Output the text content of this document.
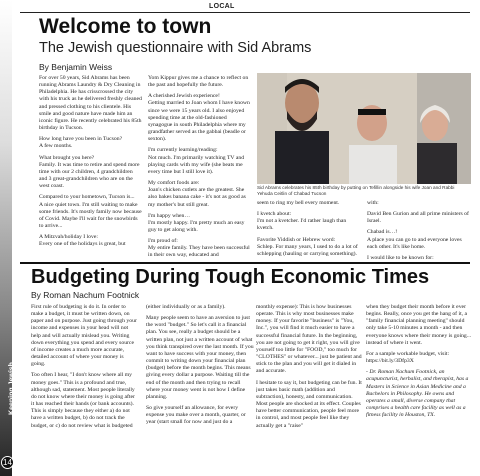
Keeping Jewish
14
LOCAL
Welcome to town
The Jewish questionnaire with Sid Abrams
By Benjamin Weiss

For over 50 years, Sid Abrams has been running Abrams Laundry & Dry Cleaning in Philadelphia. He has crisscrossed the city with his truck as he delivered freshly cleaned and pressed clothing to his clientele. His smile and good nature have made him an iconic figure. He recently celebrated his 85th birthday in Tucson.

How long have you been in Tucson?

A few months.

What brought you here?

Family. It was time to retire and spend more time with our 2 children, 4 grandchildren and 3 great-grandchildren who are on the west coast.

Compared to your hometown, Tucson is...

A nice quiet town. I'm still waiting to make some friends. It's mostly family now because of Covid. Maybe I'll wait for the snowbirds to arrive...

A Mitzvah/holiday I love:

Every one of the holidays is great, but

Yom Kippur gives me a chance to reflect on the past and hopefully the future.

A cherished Jewish experience!

Getting married to Joan whom I have known since we were 15 years old. I also enjoyed spending time at the old-fashioned synagogue in south Philadelphia where my grandfather served as the gabbai (beadle or sexton).

I'm currently learning/reading:

Not much. I'm primarily watching TV and playing cards with my wife (she beats me every time but I still love it).

My comfort foods are:

Joan's chicken cutlets are the greatest. She also bakes banana cake - it's not as good as my mother's but still great.

I'm happy when…

I'm mostly happy. I'm pretty much an easy guy to get along with.

I'm proud of:

My entire family. They have been successful in their own way, educated and

Sid Abrams celebrates his 85th birthday by putting on Tefillin alongside his wife Joan and Rabbi Yehuda Ceitlin of Chabad Tucson

seem to ring my bell every moment.

I kvetch about:

I'm not a kvetcher. I'd rather laugh than kvetch.

Favorite Yiddish or Hebrew word:

Schlep. For many years, I used to do a lot of schlepping (hauling or carrying something).

with:

David Ben Gurion and all prime ministers of Israel.

Chabad is…!

A place you can go to and everyone loves each other. It's like home.

I would like to be known for:

Budgeting During Tough Economic Times
By Roman Nachum Footnick

First rule of budgeting is do it. In order to make a budget, it must be written down, on paper and on purpose. Just going through your income and expenses in your head will not help and will actually mislead you. Writing down everything you spend and every source of income creates a much more accurate, detailed account of where your money is going.

Too often I hear, "I don't know where all my money goes." This is a profound and true, although sad, statement. Most people literally do not know where their money is going after it has reached their hands (or bank accounts). This is simply because they either a) do not have a written budget, b) do not track the budget, or c) do not review what is budgeted

(either individually or as a family).

Many people seem to have an aversion to just the word "budget." So let's call it a financial plan. You see, really a budget should be a written plan, not just a written account of what you think transpired over the last month. If you want to have success with your money, then commit to writing down your financial plan (budget) before the month begins. This means giving every dollar a purpose. Waiting till the end of the month and then trying to recall where your money went is not how I define planning.

So give yourself an allowance, for every expense you make over a month, quarter, or year (start small for now and just do a

monthly expense): This is how businesses operate. This is why most businesses make money. If your favorite "business" is "You, Inc.", you will find it much easier to have a successful financial future. In the beginning, you are not going to get it right, you will give yourself too little for "FOOD," too much for "CLOTHES" or whatever... just be patient and stick to the plan and you will get it dialed in and accurate.

I hesitate to say it, but budgeting can be fun. It just takes basic math (addition and subtraction), honesty, and communication. Most people are shocked at its effect. Couples have better communication, people feel more in control, and most people feel like they actually get a "raise"

when they budget their month before it ever begins. Really, once you get the hang of it, a "family financial planning meeting" should only take 5-10 minutes a month - and then everyone knows where their money is going... instead of where it went.

For a sample workable budget, visit: https://bit.ly/3Dfp3X

- Dr. Roman Nachum Footnick, an acupuncturist, herbalist, and therapist, has a Masters in Science in Asian Medicine and a Bachelors in Philosophy. He owns and operates a small, diverse company that comprises a health care facility as well as a fitness facility in Houston, TX.
